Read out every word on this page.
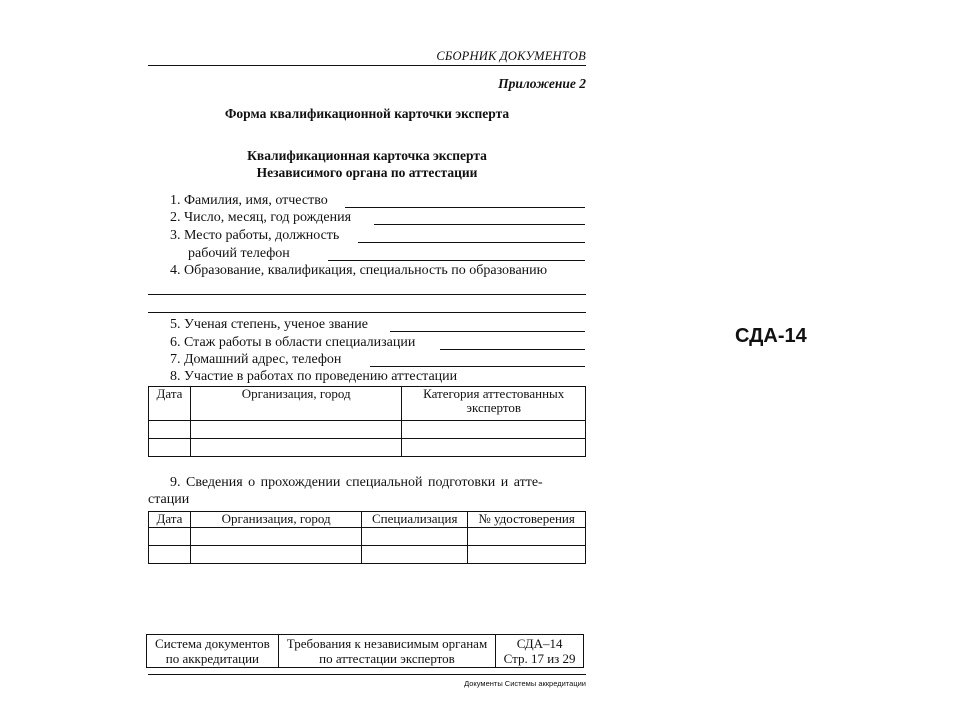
СБОРНИК ДОКУМЕНТОВ
Приложение 2
Форма квалификационной карточки эксперта
Квалификационная карточка эксперта
Независимого органа по аттестации
1. Фамилия, имя, отчество
2. Число, месяц, год рождения
3. Место работы, должность
рабочий телефон
4. Образование, квалификация, специальность по образованию
5. Ученая степень, ученое звание
6. Стаж работы в области специализации
7. Домашний адрес, телефон
8. Участие в работах по проведению аттестации
Дата	Организация, город	Категория аттестованных экспертов

9. Сведения о прохождении специальной подготовки и атте-
стации
Дата	Организация, город	Специализация	№ удостоверения

СДА-14
Система документов
по аккредитации

Требования к независимым органам
по аттестации экспертов

СДА–14
Стр. 17 из 29
Документы Системы аккредитации
